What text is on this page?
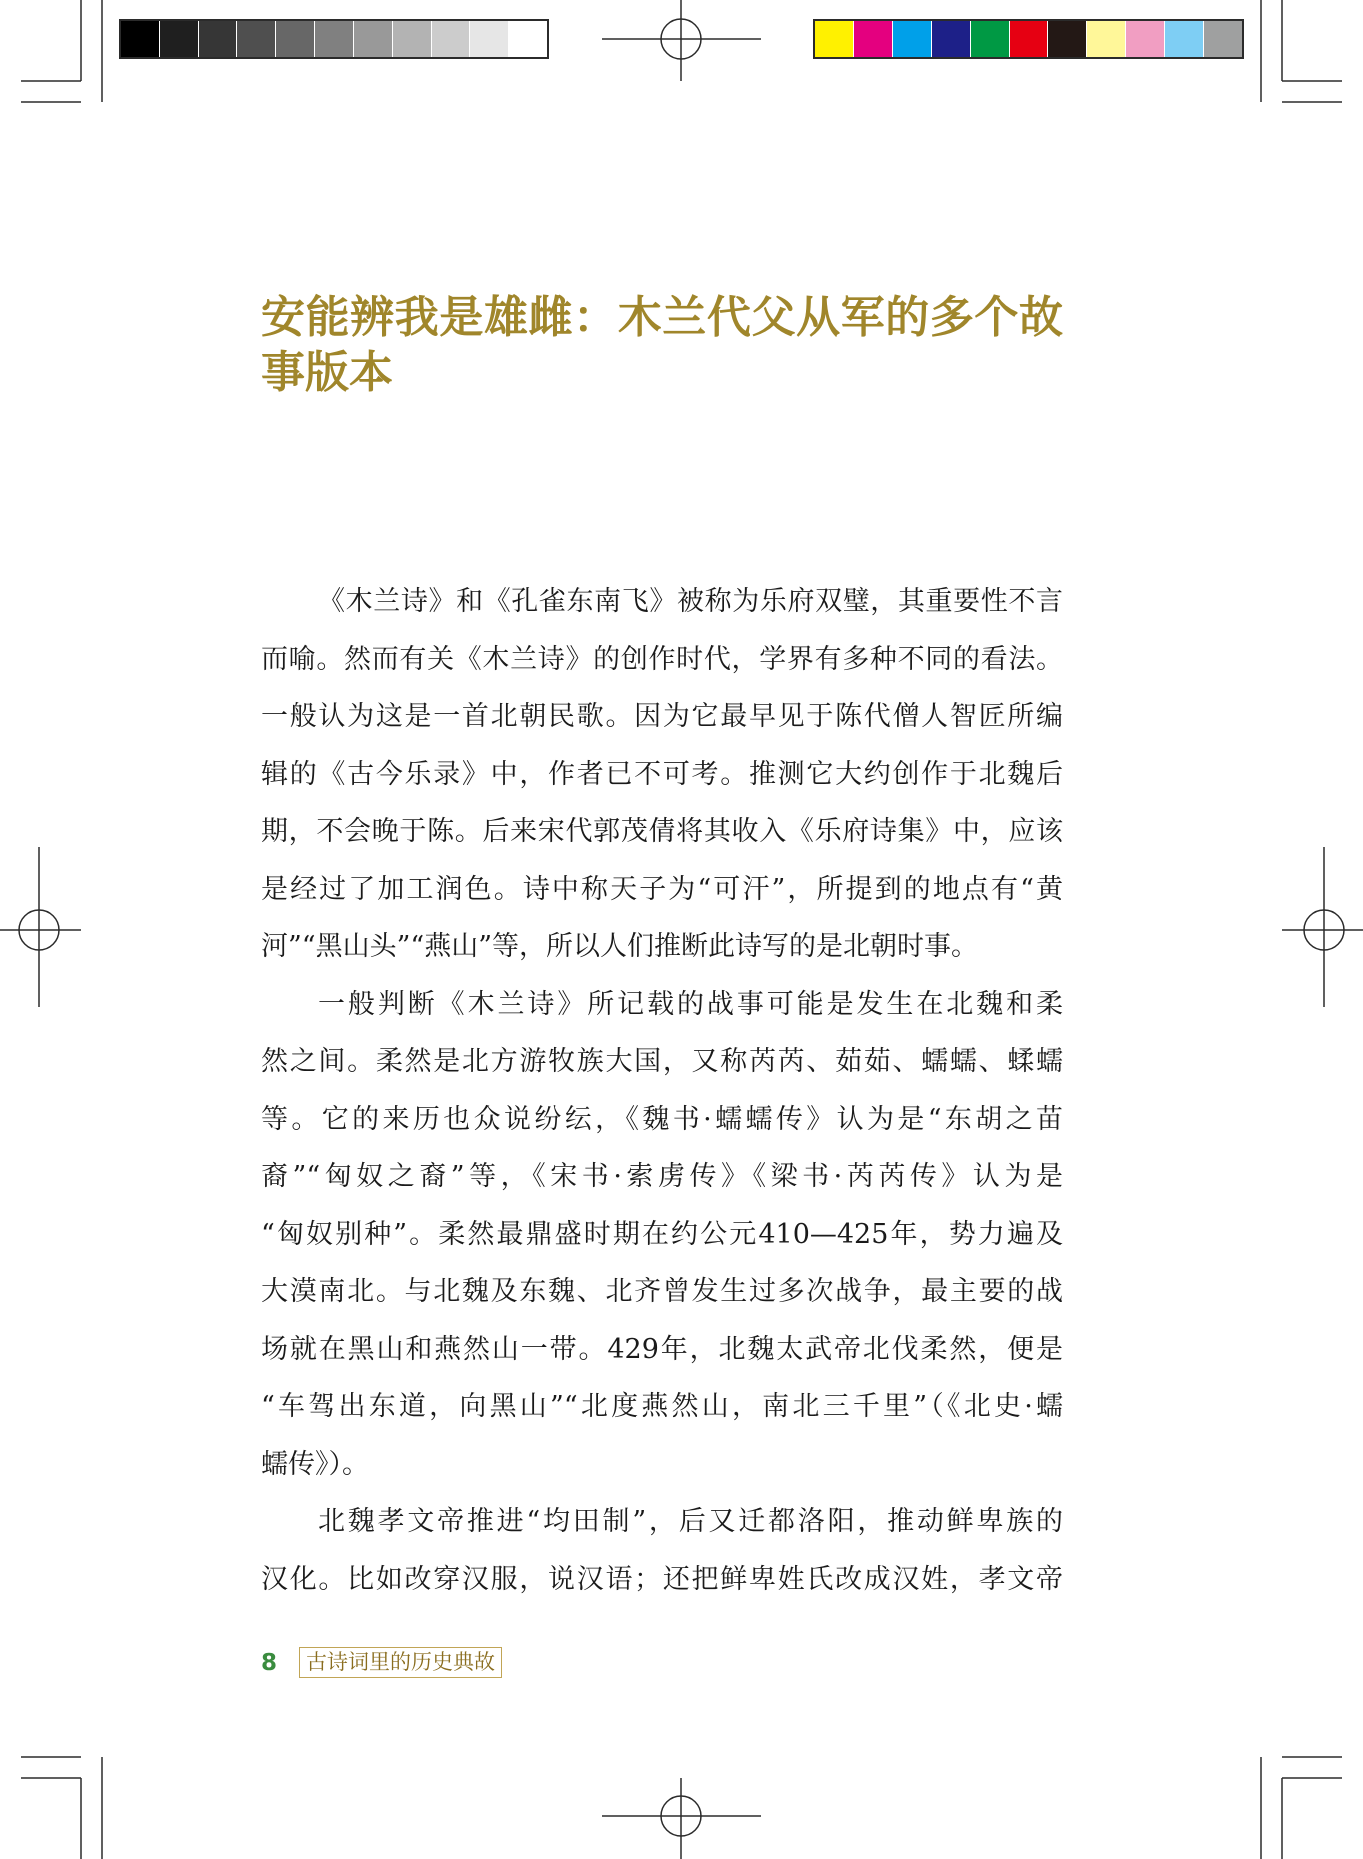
安能辨我是雄雌：木兰代父从军的多个故
事版本
《木兰诗》和《孔雀东南飞》被称为乐府双璧，其重要性不言
而喻。然而有关《木兰诗》的创作时代，学界有多种不同的看法。
一般认为这是一首北朝民歌。因为它最早见于陈代僧人智匠所编
辑的《古今乐录》中，作者已不可考。推测它大约创作于北魏后
期，不会晚于陈。后来宋代郭茂倩将其收入《乐府诗集》中，应该
是经过了加工润色。诗中称天子为“可汗”，所提到的地点有“黄
河”“黑山头”“燕山”等，所以人们推断此诗写的是北朝时事。
一般判断《木兰诗》所记载的战事可能是发生在北魏和柔
然之间。柔然是北方游牧族大国，又称芮芮、茹茹、蠕蠕、蝚蠕
等。它的来历也众说纷纭，《魏书·蠕蠕传》认为是“东胡之苗
裔”“匈奴之裔”等，《宋书·索虏传》《梁书·芮芮传》认为是
“匈奴别种”。柔然最鼎盛时期在约公元410—425年，势力遍及
大漠南北。与北魏及东魏、北齐曾发生过多次战争，最主要的战
场就在黑山和燕然山一带。429年，北魏太武帝北伐柔然，便是
“车驾出东道，向黑山”“北度燕然山，南北三千里”（《北史·蠕
蠕传》）。
北魏孝文帝推进“均田制”，后又迁都洛阳，推动鲜卑族的
汉化。比如改穿汉服，说汉语；还把鲜卑姓氏改成汉姓，孝文帝
8	古诗词里的历史典故
